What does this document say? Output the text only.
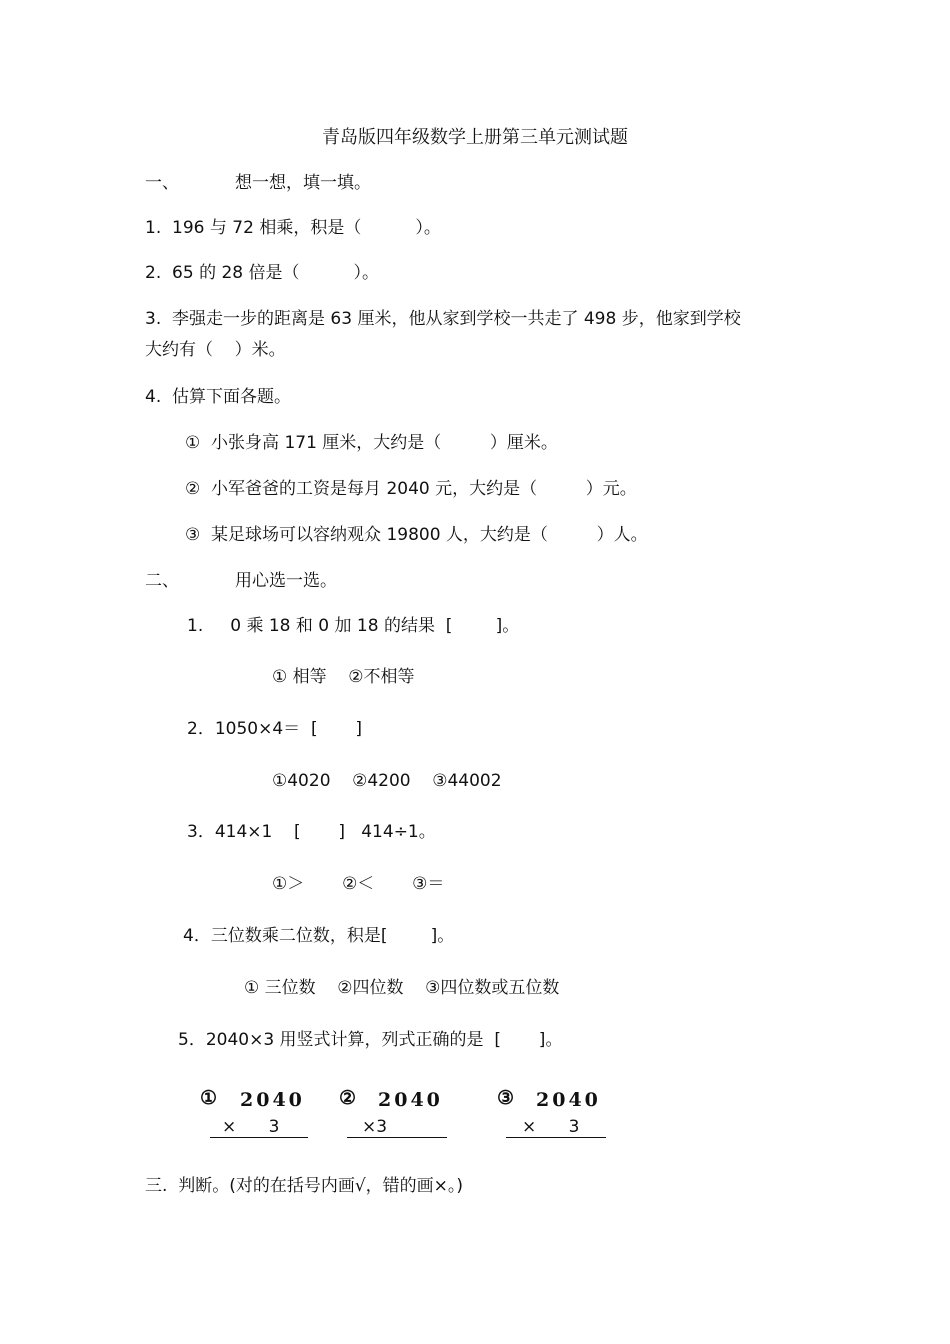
青岛版四年级数学上册第三单元测试题
一、	想一想，填一填。
1.  196 与 72 相乘，积是（          ）。
2.  65 的 28 倍是（          ）。
3.  李强走一步的距离是 63 厘米，他从家到学校一共走了 498 步，他家到学校
大约有（    ）米。
4.  估算下面各题。
①  小张身高 171 厘米，大约是（         ）厘米。
②  小军爸爸的工资是每月 2040 元，大约是（         ）元。
③  某足球场可以容纳观众 19800 人，大约是（         ）人。
二、	用心选一选。
1.     0 乘 18 和 0 加 18 的结果  [        ]。
① 相等    ②不相等
2．1050×4＝  [       ]
①4020    ②4200    ③44002
3．414×1    [       ]   414÷1。
①＞       ②＜       ③＝
4．三位数乘二位数，积是[        ]。
① 三位数    ②四位数    ③四位数或五位数
5．2040×3 用竖式计算，列式正确的是  [       ]。
① 2040
×      3
② 2040
×3
③ 2040
×      3
三.  判断。(对的在括号内画√，错的画×。)
